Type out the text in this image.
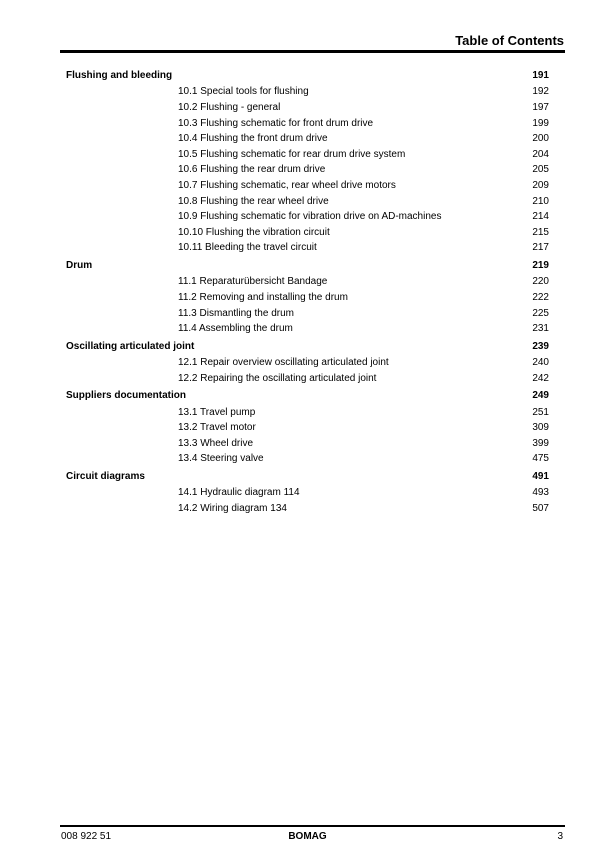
Table of Contents
Flushing and bleeding	191
10.1 Special tools for flushing	192
10.2 Flushing - general	197
10.3 Flushing schematic for front drum drive	199
10.4 Flushing the front drum drive	200
10.5 Flushing schematic for rear drum drive system	204
10.6 Flushing the rear drum drive	205
10.7 Flushing schematic, rear wheel drive motors	209
10.8 Flushing the rear wheel drive	210
10.9 Flushing schematic for vibration drive on AD-machines	214
10.10 Flushing the vibration circuit	215
10.11 Bleeding the travel circuit	217
Drum	219
11.1 Reparaturübersicht Bandage	220
11.2 Removing and installing the drum	222
11.3 Dismantling the drum	225
11.4 Assembling the drum	231
Oscillating articulated joint	239
12.1 Repair overview oscillating articulated joint	240
12.2 Repairing the oscillating articulated joint	242
Suppliers documentation	249
13.1 Travel pump	251
13.2 Travel motor	309
13.3 Wheel drive	399
13.4 Steering valve	475
Circuit diagrams	491
14.1 Hydraulic diagram 114	493
14.2 Wiring diagram 134	507
008 922 51	BOMAG	3
